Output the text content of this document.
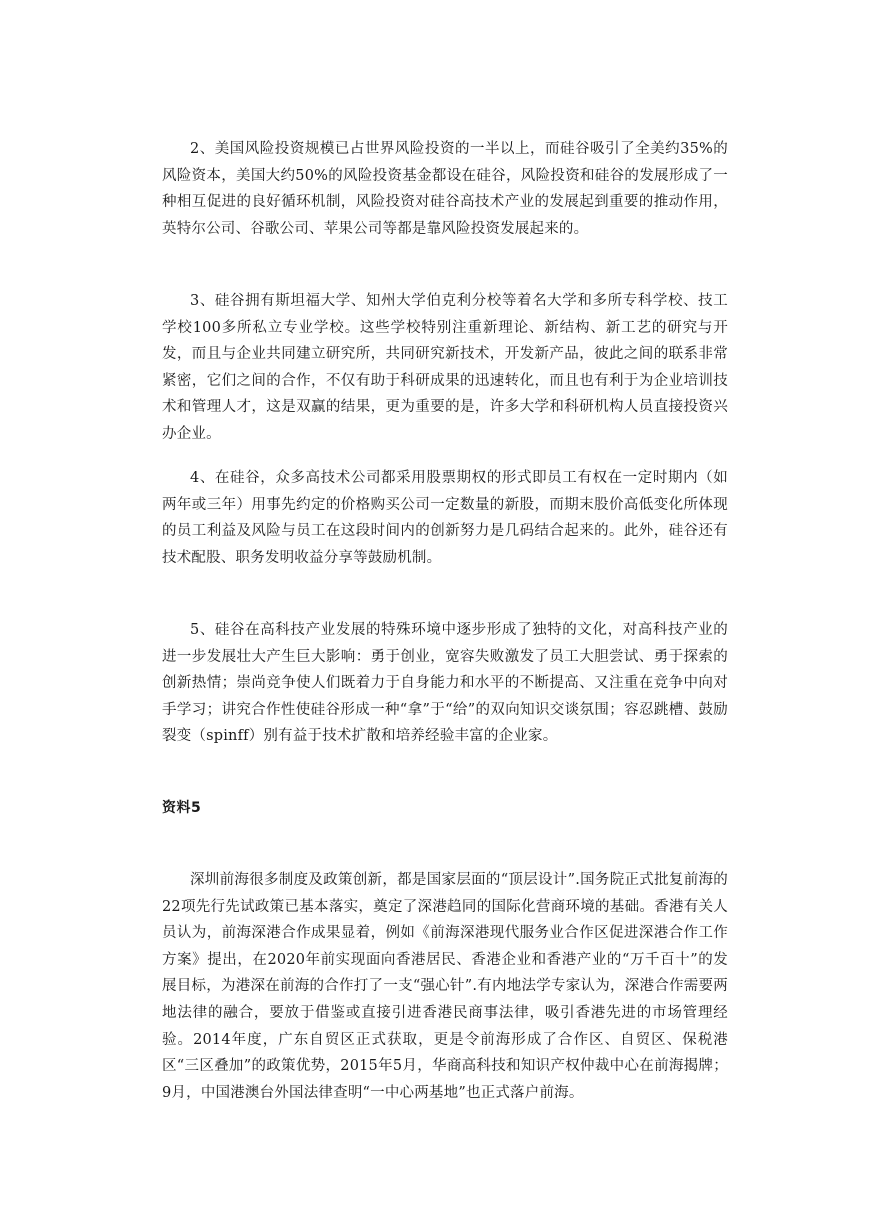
2、美国风险投资规模已占世界风险投资的一半以上，而硅谷吸引了全美约35%的风险资本，美国大约50%的风险投资基金都设在硅谷，风险投资和硅谷的发展形成了一种相互促进的良好循环机制，风险投资对硅谷高技术产业的发展起到重要的推动作用，英特尔公司、谷歌公司、苹果公司等都是靠风险投资发展起来的。

3、硅谷拥有斯坦福大学、知州大学伯克利分校等着名大学和多所专科学校、技工学校100多所私立专业学校。这些学校特别注重新理论、新结构、新工艺的研究与开发，而且与企业共同建立研究所，共同研究新技术，开发新产品，彼此之间的联系非常紧密，它们之间的合作，不仅有助于科研成果的迅速转化，而且也有利于为企业培训技术和管理人才，这是双赢的结果，更为重要的是，许多大学和科研机构人员直接投资兴办企业。

4、在硅谷，众多高技术公司都采用股票期权的形式即员工有权在一定时期内（如两年或三年）用事先约定的价格购买公司一定数量的新股，而期末股价高低变化所体现的员工利益及风险与员工在这段时间内的创新努力是几码结合起来的。此外，硅谷还有技术配股、职务发明收益分享等鼓励机制。

5、硅谷在高科技产业发展的特殊环境中逐步形成了独特的文化，对高科技产业的进一步发展壮大产生巨大影响：勇于创业，宽容失败激发了员工大胆尝试、勇于探索的创新热情；崇尚竞争使人们既着力于自身能力和水平的不断提高、又注重在竞争中向对手学习；讲究合作性使硅谷形成一种“拿”于“给”的双向知识交谈氛围；容忍跳槽、鼓励裂变（spinff）别有益于技术扩散和培养经验丰富的企业家。

资料5

深圳前海很多制度及政策创新，都是国家层面的“顶层设计”.国务院正式批复前海的22项先行先试政策已基本落实，奠定了深港趋同的国际化营商环境的基础。香港有关人员认为，前海深港合作成果显着，例如《前海深港现代服务业合作区促进深港合作工作方案》提出，在2020年前实现面向香港居民、香港企业和香港产业的“万千百十”的发展目标，为港深在前海的合作打了一支“强心针”.有内地法学专家认为，深港合作需要两地法律的融合，要放于借鉴或直接引进香港民商事法律，吸引香港先进的市场管理经验。2014年度，广东自贸区正式获取，更是令前海形成了合作区、自贸区、保税港区“三区叠加”的政策优势，2015年5月，华商高科技和知识产权仲裁中心在前海揭牌；9月，中国港澳台外国法律查明“一中心两基地”也正式落户前海。
